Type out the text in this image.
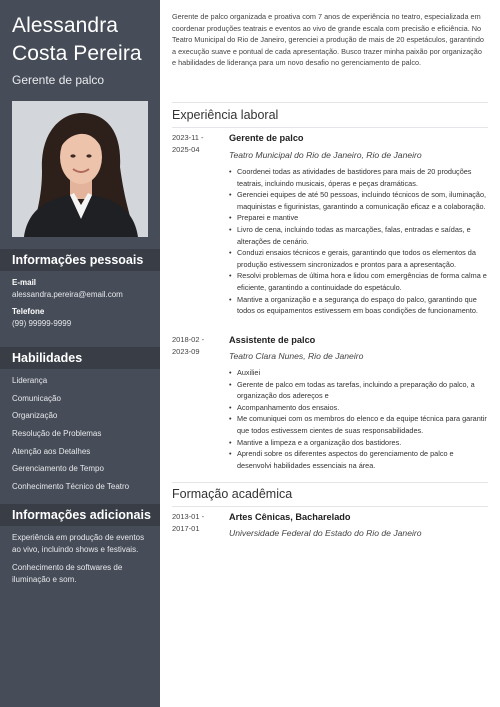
Alessandra Costa Pereira
Gerente de palco
Informações pessoais
E-mail
alessandra.pereira@email.com
Telefone
(99) 99999-9999
Habilidades
Liderança
Comunicação
Organização
Resolução de Problemas
Atenção aos Detalhes
Gerenciamento de Tempo
Conhecimento Técnico de Teatro
Informações adicionais
Experiência em produção de eventos ao vivo, incluindo shows e festivais.
Conhecimento de softwares de iluminação e som.
Gerente de palco organizada e proativa com 7 anos de experiência no teatro, especializada em coordenar produções teatrais e eventos ao vivo de grande escala com precisão e eficiência. No Teatro Municipal do Rio de Janeiro, gerenciei a produção de mais de 20 espetáculos, garantindo a execução suave e pontual de cada apresentação. Busco trazer minha paixão por organização e habilidades de liderança para um novo desafio no gerenciamento de palco.
Experiência laboral
2023-11 - 2025-04
Gerente de palco
Teatro Municipal do Rio de Janeiro, Rio de Janeiro
• Coordenei todas as atividades de bastidores para mais de 20 produções teatrais, incluindo musicais, óperas e peças dramáticas.
• Gerenciei equipes de até 50 pessoas, incluindo técnicos de som, iluminação, maquinistas e figurinistas, garantindo a comunicação eficaz e a colaboração.
• Preparei e mantive
• Livro de cena, incluindo todas as marcações, falas, entradas e saídas, e alterações de cenário.
• Conduzi ensaios técnicos e gerais, garantindo que todos os elementos da produção estivessem sincronizados e prontos para a apresentação.
• Resolvi problemas de última hora e lidou com emergências de forma calma e eficiente, garantindo a continuidade do espetáculo.
• Mantive a organização e a segurança do espaço do palco, garantindo que todos os equipamentos estivessem em boas condições de funcionamento.
2018-02 - 2023-09
Assistente de palco
Teatro Clara Nunes, Rio de Janeiro
• Auxiliei
• Gerente de palco em todas as tarefas, incluindo a preparação do palco, a organização dos adereços e
• Acompanhamento dos ensaios.
• Me comuniquei com os membros do elenco e da equipe técnica para garantir que todos estivessem cientes de suas responsabilidades.
• Mantive a limpeza e a organização dos bastidores.
• Aprendi sobre os diferentes aspectos do gerenciamento de palco e desenvolvi habilidades essenciais na área.
Formação acadêmica
2013-01 - 2017-01
Artes Cênicas, Bacharelado
Universidade Federal do Estado do Rio de Janeiro
